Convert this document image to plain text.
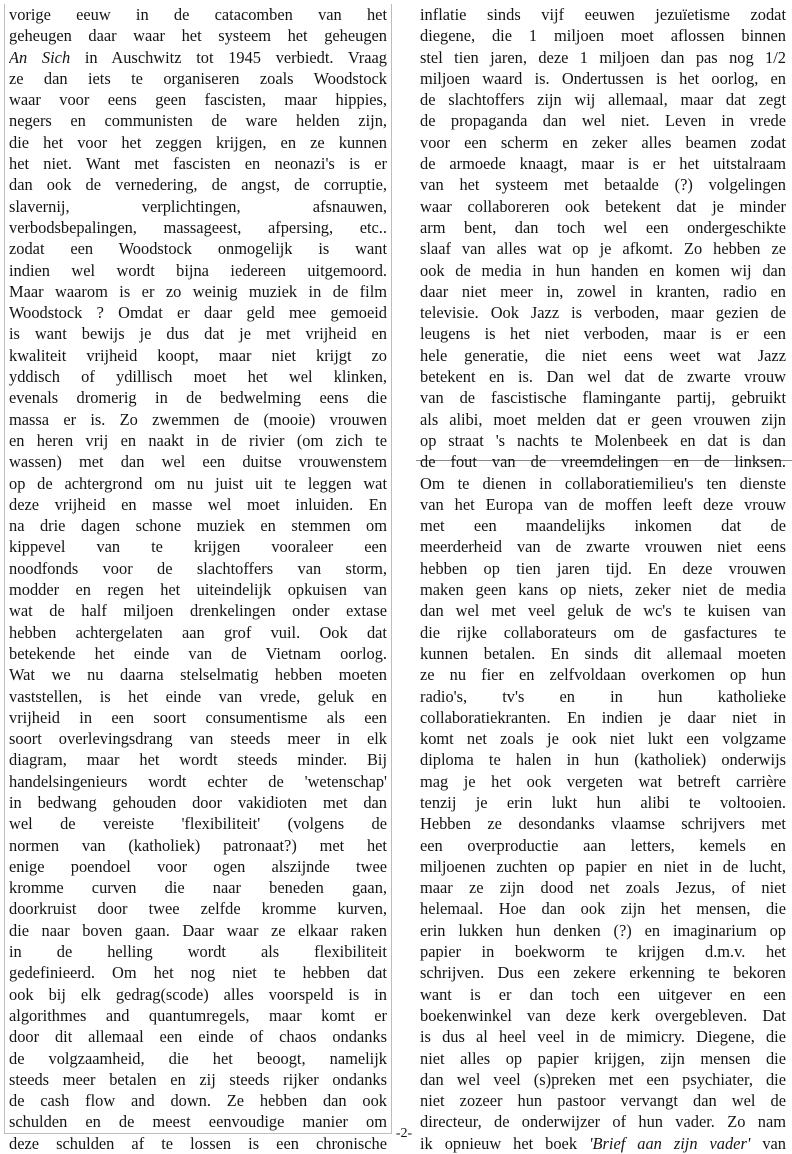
vorige eeuw in de catacomben van het
geheugen daar waar het systeem het geheugen
An Sich in Auschwitz tot 1945 verbiedt. Vraag
ze dan iets te organiseren zoals Woodstock
waar voor eens geen fascisten, maar hippies,
negers en communisten de ware helden zijn,
die het voor het zeggen krijgen, en ze kunnen
het niet. Want met fascisten en neonazi's is er
dan ook de vernedering, de angst, de corruptie,
slavernij, verplichtingen, afsnauwen,
verbodsbepalingen, massageest, afpersing, etc..
zodat een Woodstock onmogelijk is want
indien wel wordt bijna iedereen uitgemoord.
Maar waarom is er zo weinig muziek in de film
Woodstock ? Omdat er daar geld mee gemoeid
is want bewijs je dus dat je met vrijheid en
kwaliteit vrijheid koopt, maar niet krijgt zo
yddisch of ydillisch moet het wel klinken,
evenals dromerig in de bedwelming eens die
massa er is. Zo zwemmen de (mooie) vrouwen
en heren vrij en naakt in de rivier (om zich te
wassen) met dan wel een duitse vrouwenstem
op de achtergrond om nu juist uit te leggen wat
deze vrijheid en masse wel moet inluiden. En
na drie dagen schone muziek en stemmen om
kippevel van te krijgen vooraleer een
noodfonds voor de slachtoffers van storm,
modder en regen het uiteindelijk opkuisen van
wat de half miljoen drenkelingen onder extase
hebben achtergelaten aan grof vuil. Ook dat
betekende het einde van de Vietnam oorlog.
Wat we nu daarna stelselmatig hebben moeten
vaststellen, is het einde van vrede, geluk en
vrijheid in een soort consumentisme als een
soort overlevingsdrang van steeds meer in elk
diagram, maar het wordt steeds minder. Bij
handelsingenieurs wordt echter de 'wetenschap'
in bedwang gehouden door vakidioten met dan
wel de vereiste 'flexibiliteit' (volgens de
normen van (katholiek) patronaat?) met het
enige poendoel voor ogen alszijnde twee
kromme curven die naar beneden gaan,
doorkruist door twee zelfde kromme kurven,
die naar boven gaan. Daar waar ze elkaar raken
in de helling wordt als flexibiliteit
gedefinieerd. Om het nog niet te hebben dat
ook bij elk gedrag(scode) alles voorspeld is in
algorithmes and quantumregels, maar komt er
door dit allemaal een einde of chaos ondanks
de volgzaamheid, die het beoogt, namelijk
steeds meer betalen en zij steeds rijker ondanks
de cash flow and down. Ze hebben dan ook
schulden en de meest eenvoudige manier om
deze schulden af te lossen is een chronische
inflatie sinds vijf eeuwen jezuïetisme zodat
diegene, die 1 miljoen moet aflossen binnen
stel tien jaren, deze 1 miljoen dan pas nog 1/2
miljoen waard is. Ondertussen is het oorlog, en
de slachtoffers zijn wij allemaal, maar dat zegt
de propaganda dan wel niet. Leven in vrede
voor een scherm en zeker alles beamen zodat
de armoede knaagt, maar is er het uitstalraam
van het systeem met betaalde (?) volgelingen
waar collaboreren ook betekent dat je minder
arm bent, dan toch wel een ondergeschikte
slaaf van alles wat op je afkomt. Zo hebben ze
ook de media in hun handen en komen wij dan
daar niet meer in, zowel in kranten, radio en
televisie. Ook Jazz is verboden, maar gezien de
leugens is het niet verboden, maar is er een
hele generatie, die niet eens weet wat Jazz
betekent en is. Dan wel dat de zwarte vrouw
van de fascistische flamingante partij, gebruikt
als alibi, moet melden dat er geen vrouwen zijn
op straat 's nachts te Molenbeek en dat is dan
de fout van de vreemdelingen en de linksen.
Om te dienen in collaboratiemilieu's ten dienste
van het Europa van de moffen leeft deze vrouw
met een maandelijks inkomen dat de
meerderheid van de zwarte vrouwen niet eens
hebben op tien jaren tijd. En deze vrouwen
maken geen kans op niets, zeker niet de media
dan wel met veel geluk de wc's te kuisen van
die rijke collaborateurs om de gasfactures te
kunnen betalen. En sinds dit allemaal moeten
ze nu fier en zelfvoldaan overkomen op hun
radio's, tv's en in hun katholieke
collaboratiekranten. En indien je daar niet in
komt net zoals je ook niet lukt een volgzame
diploma te halen in hun (katholiek) onderwijs
mag je het ook vergeten wat betreft carrière
tenzij je erin lukt hun alibi te voltooien.
Hebben ze desondanks vlaamse schrijvers met
een overproductie aan letters, kemels en
miljoenen zuchten op papier en niet in de lucht,
maar ze zijn dood net zoals Jezus, of niet
helemaal. Hoe dan ook zijn het mensen, die
erin lukken hun denken (?) en imaginarium op
papier in boekworm te krijgen d.m.v. het
schrijven. Dus een zekere erkenning te bekoren
want is er dan toch een uitgever en een
boekenwinkel van deze kerk overgebleven. Dat
is dus al heel veel in de mimicry. Diegene, die
niet alles op papier krijgen, zijn mensen die
dan wel veel (s)preken met een psychiater, die
niet zozeer hun pastoor vervangt dan wel de
directeur, de onderwijzer of hun vader. Zo nam
ik opnieuw het boek 'Brief aan zijn vader' van
-2-
